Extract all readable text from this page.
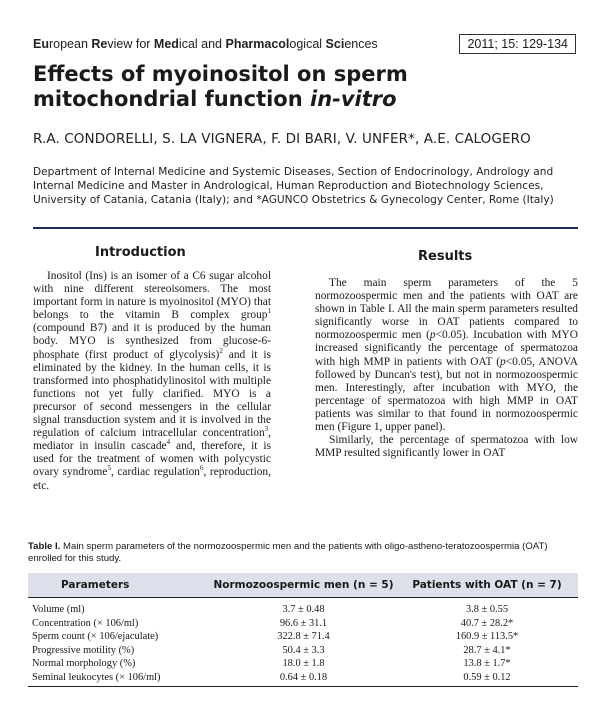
European Review for Medical and Pharmacological Sciences	2011; 15: 129-134
Effects of myoinositol on sperm mitochondrial function in-vitro
R.A. CONDORELLI, S. LA VIGNERA, F. DI BARI, V. UNFER*, A.E. CALOGERO
Department of Internal Medicine and Systemic Diseases, Section of Endocrinology, Andrology and Internal Medicine and Master in Andrological, Human Reproduction and Biotechnology Sciences, University of Catania, Catania (Italy); and *AGUNCO Obstetrics & Gynecology Center, Rome (Italy)
Introduction

Inositol (Ins) is an isomer of a C6 sugar alcohol with nine different stereoisomers. The most important form in nature is myoinositol (MYO) that belongs to the vitamin B complex group$^1$ (compound B7) and it is produced by the human body. MYO is synthesized from glucose-6-phosphate (first product of glycolysis)$^2$ and it is eliminated by the kidney. In the human cells, it is transformed into phosphatidylinositol with multiple functions not yet fully clarified. MYO is a precursor of second messengers in the cellular signal transduction system and it is involved in the regulation of calcium intracellular concentration$^3$, mediator in insulin cascade$^4$ and, therefore, it is used for the treatment of women with polycystic ovary syndrome$^5$, cardiac regulation$^6$, reproduction, etc.

Results
The main sperm parameters of the 5 normozoospermic men and the patients with OAT are shown in Table I. All the main sperm parameters resulted significantly worse in OAT patients compared to normozoospermic men (p<0.05). Incubation with MYO increased significantly the percentage of spermatozoa with high MMP in patients with OAT (p<0.05, ANOVA followed by Duncan's test), but not in normozoospermic men. Interestingly, after incubation with MYO, the percentage of spermatozoa with high MMP in OAT patients was similar to that found in normozoospermic men (Figure 1, upper panel).
Similarly, the percentage of spermatozoa with low MMP resulted significantly lower in OAT
Table I. Main sperm parameters of the normozoospermic men and the patients with oligo-astheno-teratozoospermia (OAT) enrolled for this study.
Parameters	Normozoospermic men (n = 5)	Patients with OAT (n = 7)
Volume (ml)	3.7 ± 0.48	3.8 ± 0.55
Concentration (× 106/ml)	96.6 ± 31.1	40.7 ± 28.2*
Sperm count (× 106/ejaculate)	322.8 ± 71.4	160.9 ± 113.5*
Progressive motility (%)	50.4 ± 3.3	28.7 ± 4.1*
Normal morphology (%)	18.0 ± 1.8	13.8 ± 1.7*
Seminal leukocytes (× 106/ml)	0.64 ± 0.18	0.59 ± 0.12
